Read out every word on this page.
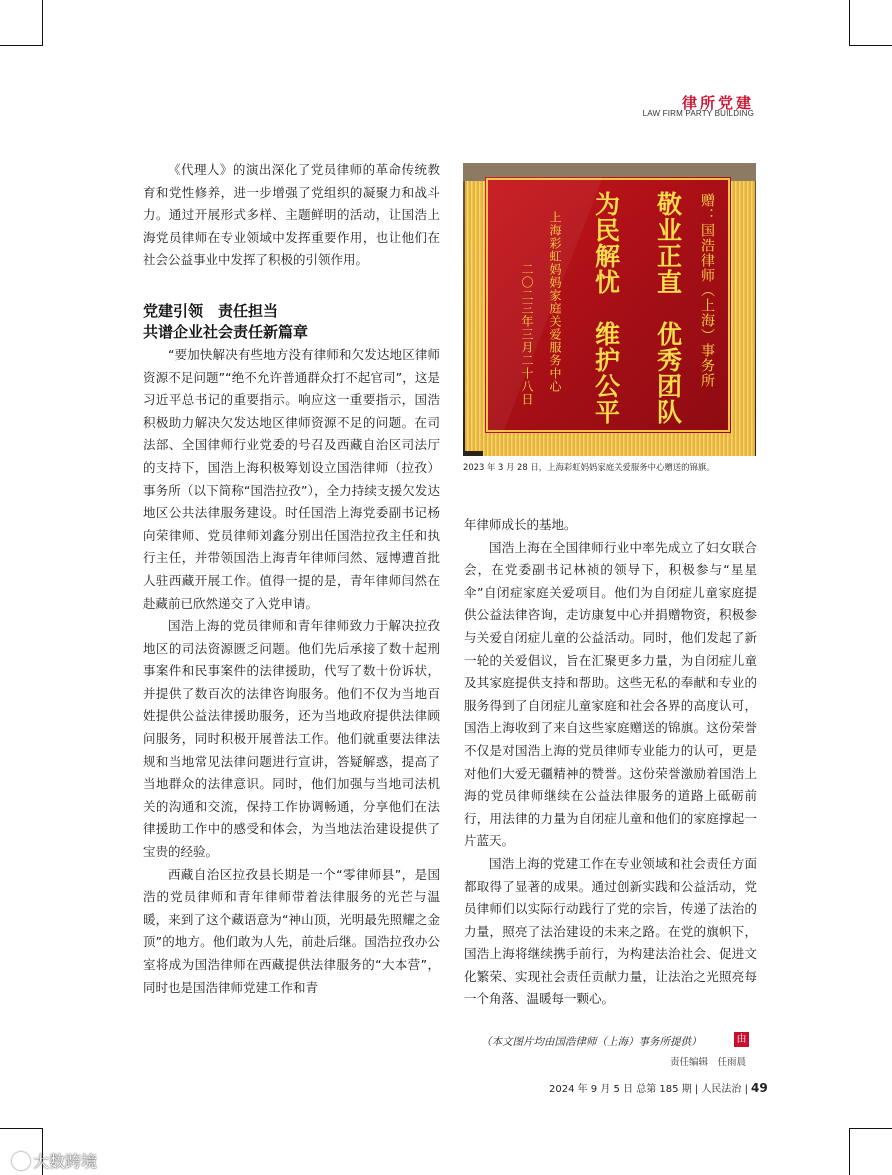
律所党建
LAW FIRM PARTY BUILDING

《代理人》的演出深化了党员律师的革命传统教育和党性修养，进一步增强了党组织的凝聚力和战斗力。通过开展形式多样、主题鲜明的活动，让国浩上海党员律师在专业领域中发挥重要作用，也让他们在社会公益事业中发挥了积极的引领作用。

党建引领　责任担当
共谱企业社会责任新篇章

“要加快解决有些地方没有律师和欠发达地区律师资源不足问题”“绝不允许普通群众打不起官司”，这是习近平总书记的重要指示。响应这一重要指示，国浩积极助力解决欠发达地区律师资源不足的问题。在司法部、全国律师行业党委的号召及西藏自治区司法厅的支持下，国浩上海积极筹划设立国浩律师（拉孜）事务所（以下简称“国浩拉孜”），全力持续支援欠发达地区公共法律服务建设。时任国浩上海党委副书记杨向荣律师、党员律师刘鑫分别出任国浩拉孜主任和执行主任，并带领国浩上海青年律师闫然、冦博遭首批人驻西藏开展工作。值得一提的是，青年律师闫然在赴藏前已欣然递交了入党申请。

国浩上海的党员律师和青年律师致力于解决拉孜地区的司法资源匮乏问题。他们先后承接了数十起刑事案件和民事案件的法律援助，代写了数十份诉状，并提供了数百次的法律咨询服务。他们不仅为当地百姓提供公益法律援助服务，还为当地政府提供法律顾问服务，同时积极开展普法工作。他们就重要法律法规和当地常见法律问题进行宣讲，答疑解惑，提高了当地群众的法律意识。同时，他们加强与当地司法机关的沟通和交流，保持工作协调畅通，分享他们在法律援助工作中的感受和体会，为当地法治建设提供了宝贵的经验。

西藏自治区拉孜县长期是一个“零律师县”，是国浩的党员律师和青年律师带着法律服务的光芒与温暖，来到了这个藏语意为“神山顶，光明最先照耀之金顶”的地方。他们敢为人先，前赴后继。国浩拉孜办公室将成为国浩律师在西藏提供法律服务的“大本营”，同时也是国浩律师党建工作和青

赠：国浩律师（上海）事务所
敬业正直　优秀团队
为民解忧　维护公平
上海彩虹妈妈家庭关爱服务中心
二〇二三年三月二十八日
2023 年 3 月 28 日，上海彩虹妈妈家庭关爱服务中心赠送的锦旗。

年律师成长的基地。

国浩上海在全国律师行业中率先成立了妇女联合会，在党委副书记林祯的领导下，积极参与“星星伞”自闭症家庭关爱项目。他们为自闭症儿童家庭提供公益法律咨询，走访康复中心并捐赠物资，积极参与关爱自闭症儿童的公益活动。同时，他们发起了新一轮的关爱倡议，旨在汇聚更多力量，为自闭症儿童及其家庭提供支持和帮助。这些无私的奉献和专业的服务得到了自闭症儿童家庭和社会各界的高度认可，国浩上海收到了来自这些家庭赠送的锦旗。这份荣誉不仅是对国浩上海的党员律师专业能力的认可，更是对他们大爱无疆精神的赞誉。这份荣誉激励着国浩上海的党员律师继续在公益法律服务的道路上砥砺前行，用法律的力量为自闭症儿童和他们的家庭撑起一片蓝天。

国浩上海的党建工作在专业领域和社会责任方面都取得了显著的成果。通过创新实践和公益活动，党员律师们以实际行动践行了党的宗旨，传递了法治的力量，照亮了法治建设的未来之路。在党的旗帜下，国浩上海将继续携手前行，为构建法治社会、促进文化繁荣、实现社会责任贡献力量，让法治之光照亮每一个角落、温暖每一颗心。

（本文图片均由国浩律师（上海）事务所提供）	由
责任编辑　任雨晨
2024 年 9 月 5 日 总第 185 期 | 人民法治 | 49
大数跨境
